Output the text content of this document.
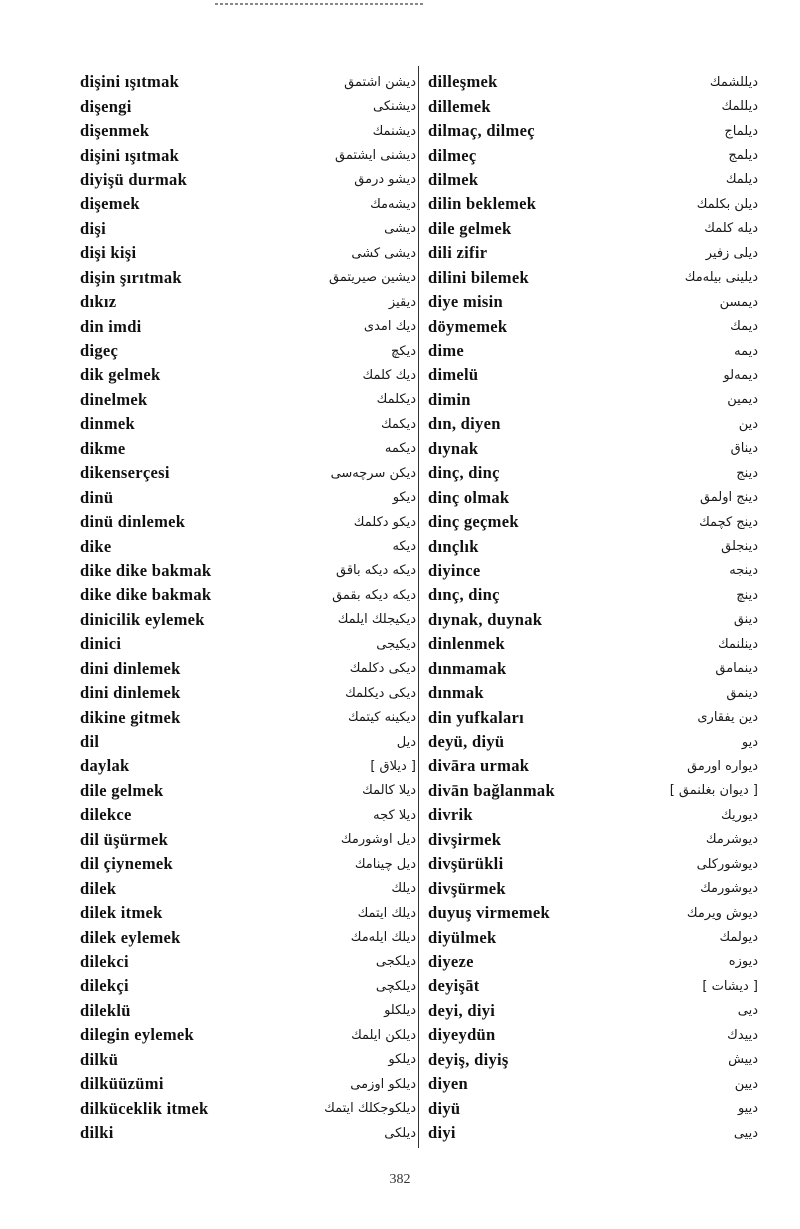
dişini ışıtmak	دیشن اشتمق
dişengi	دیشنکی
dişenmek	دیشنمك
dişini ışıtmak	دیشنی ایشتمق
diyişü durmak	دیشو درمق
dişemek	دیشه‌مك
dişi	دیشی
dişi kişi	دیشی کشی
dişin şırıtmak	دیشین صیریتمق
dıkız	دیقیز
din imdi	دیك امدی
digeç	دیکچ
dik gelmek	دیك کلمك
dinelmek	دیکلمك
dinmek	دیکمك
dikme	دیکمه
dikenserçesi	دیکن سرچه‌سی
dinü	دیکو
dinü dinlemek	دیکو دکلمك
dike	دیکه
dike dike bakmak	دیکه دیکه باقق
dike dike bakmak	دیکه دیکه بقمق
dinicilik eylemek	دیکیجلك ایلمك
dinici	دیکیجی
dini dinlemek	دیکی دکلمك
dini dinlemek	دیکی دیکلمك
dikine gitmek	دیکینه کیتمك
dil	دیل
daylak	[ دیلاق ]
dile gelmek	دیلا کالمك
dilekce	دیلا کجه
dil üşürmek	دیل اوشورمك
dil çiynemek	دیل چینامك
dilek	دیلك
dilek itmek	دیلك ایتمك
dilek eylemek	دیلك ایله‌مك
dilekci	دیلکجی
dilekçi	دیلکچی
dileklü	دیلکلو
dilegin eylemek	دیلکن ایلمك
dilkü	دیلکو
dilküüzümi	دیلکو اوزمی
dilküceklik itmek	دیلکوجکلك ایتمك
dilki	دیلکی
dilleşmek	دیللشمك
dillemek	دیللمك
dilmaç, dilmeç	دیلماج
dilmeç	دیلمج
dilmek	دیلمك
dilin beklemek	دیلن بکلمك
dile gelmek	دیله کلمك
dili zifir	دیلی زفیر
dilini bilemek	دیلینی بیله‌مك
diye misin	دیمسن
döymemek	دیمك
dime	دیمه
dimelü	دیمه‌لو
dimin	دیمین
dın, diyen	دین
dıynak	دیناق
dinç, dinç	دینج
dinç olmak	دینج اولمق
dinç geçmek	دینج کچمك
dınçlık	دینجلق
diyince	دینجه
dınç, dinç	دینچ
dıynak, duynak	دینق
dinlenmek	دینلنمك
dınmamak	دینمامق
dınmak	دینمق
din yufkaları	دین یفقاری
deyü, diyü	دیو
divāra urmak	دیواره اورمق
divān bağlanmak	[ دیوان بغلنمق ]
divrik	دیوریك
divşirmek	دیوشرمك
divşürükli	دیوشورکلی
divşürmek	دیوشورمك
duyuş virmemek	دیوش ویرمك
diyülmek	دیولمك
diyeze	دیوزه
deyişāt	[ دیشات ]
deyi, diyi	دیی
diyeydün	دییدك
deyiş, diyiş	دییش
diyen	دیین
diyü	دییو
diyi	دییی
382
